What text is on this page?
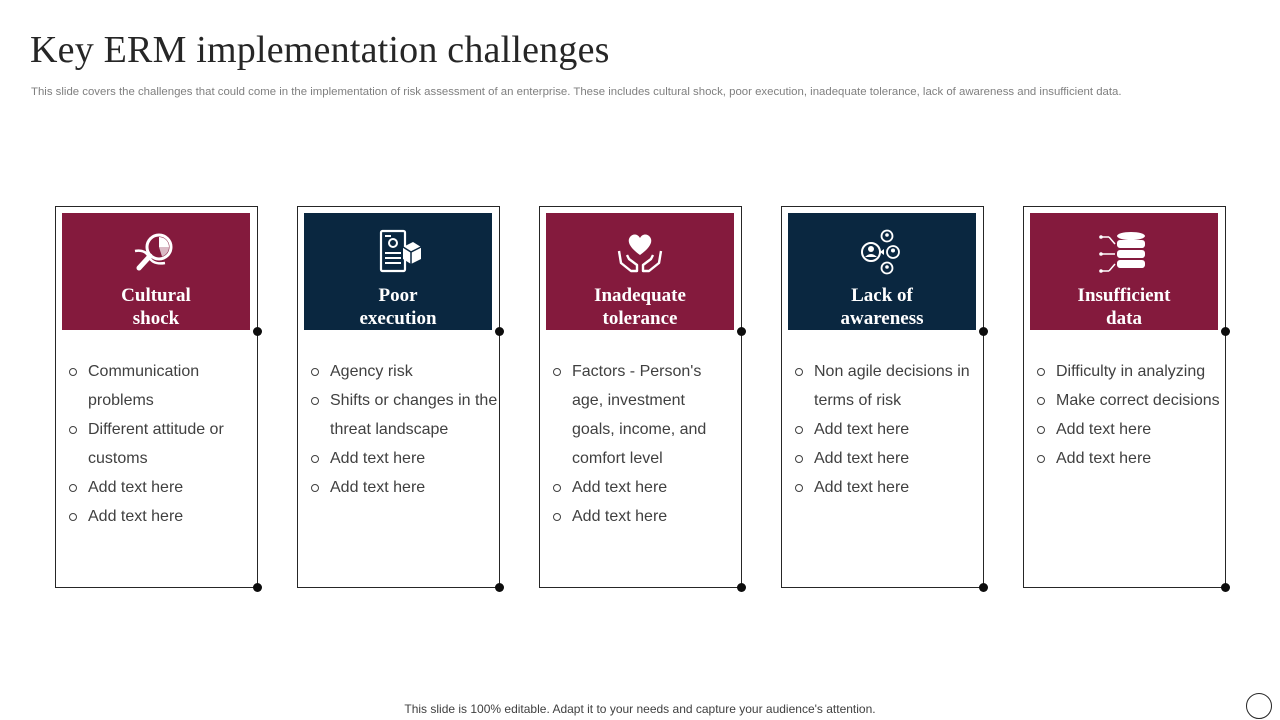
Key ERM implementation challenges
This slide covers the challenges that could come in the implementation of risk assessment of an enterprise. These includes cultural shock, poor execution, inadequate tolerance, lack of awareness and insufficient data.
Cultural
shock
Communication problems
Different attitude or customs
Add text here
Add text here
Poor
execution
Agency risk
Shifts or changes in the threat landscape
Add text here
Add text here
Inadequate
tolerance
Factors - Person's age, investment goals, income, and comfort level
Add text here
Add text here
Lack of
awareness
Non agile decisions in terms of risk
Add text here
Add text here
Add text here
Insufficient
data
Difficulty in analyzing
Make correct decisions
Add text here
Add text here
This slide is 100% editable. Adapt it to your needs and capture your audience's attention.
